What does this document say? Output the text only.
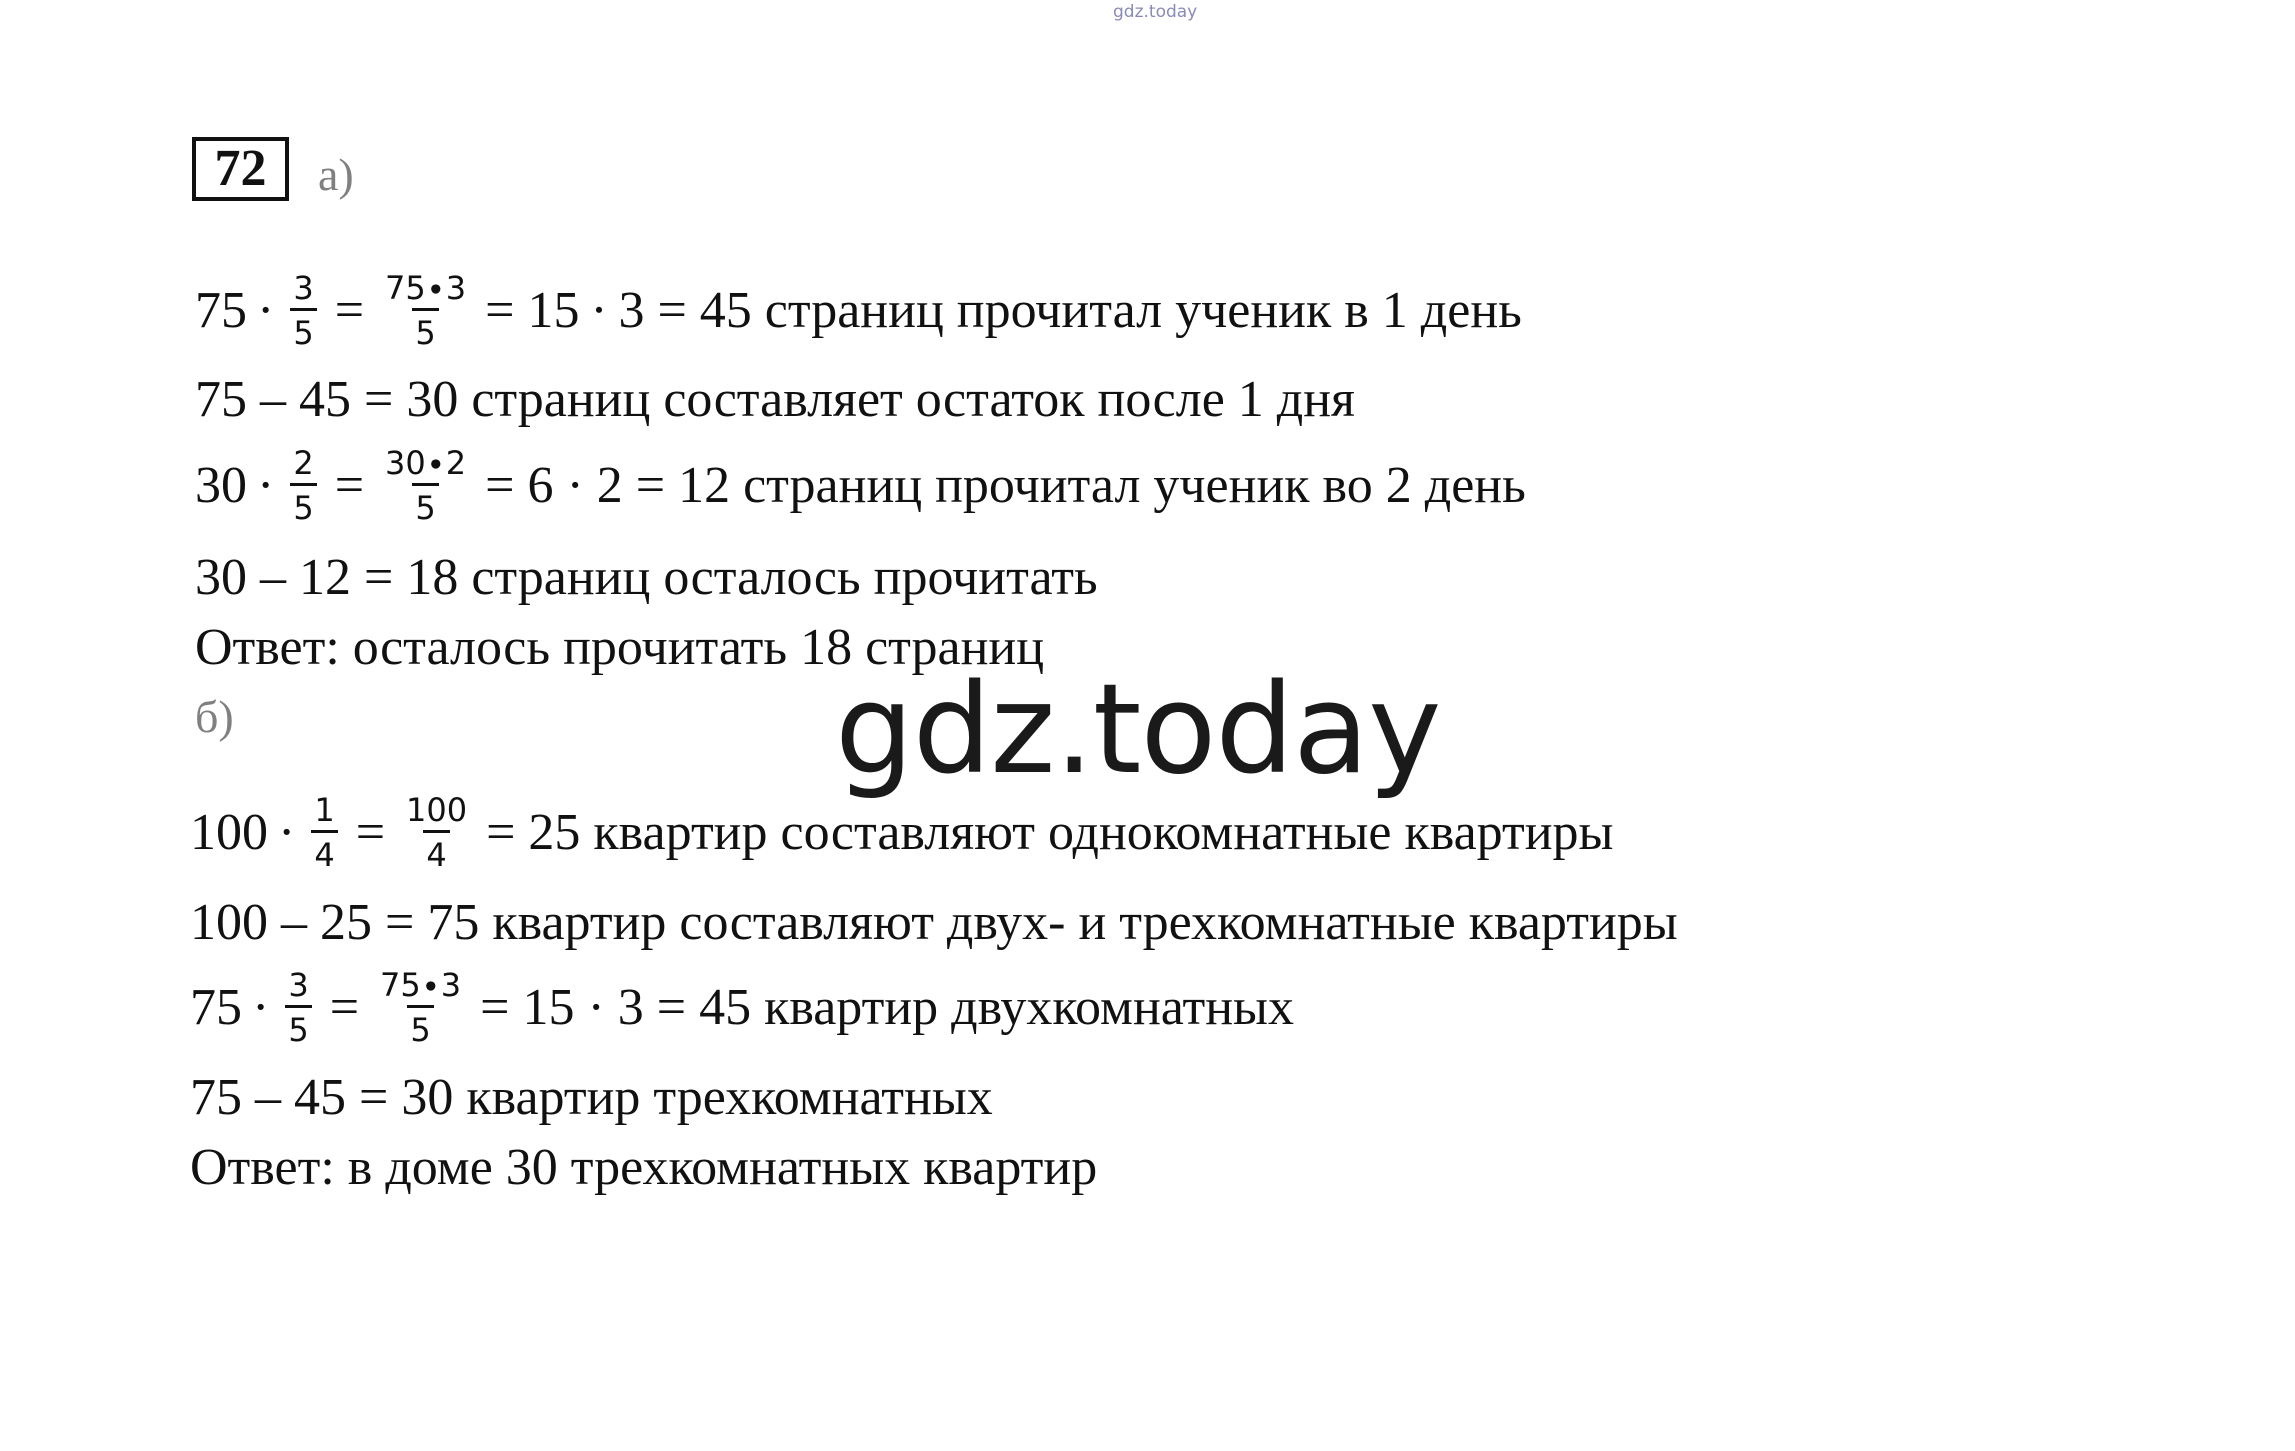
gdz.today
72 а)
$75 \cdot \frac{3}{5} = \frac{75\cdot 3}{5} = 15 \cdot 3 = 45$ страниц прочитал ученик в 1 день
75 – 45 = 30 страниц составляет остаток после 1 дня
$30 \cdot \frac{2}{5} = \frac{30\cdot 2}{5} = 6 \cdot 2 = 12$ страниц прочитал ученик во 2 день
30 – 12 = 18 страниц осталось прочитать
Ответ: осталось прочитать 18 страниц
б)
$100 \cdot \frac{1}{4} = \frac{100}{4} = 25$ квартир составляют однокомнатные квартиры
100 – 25 = 75 квартир составляют двух- и трехкомнатные квартиры
$75 \cdot \frac{3}{5} = \frac{75\cdot 3}{5} = 15 \cdot 3 = 45$ квартир двухкомнатных
75 – 45 = 30 квартир трехкомнатных
Ответ: в доме 30 трехкомнатных квартир
gdz.today
